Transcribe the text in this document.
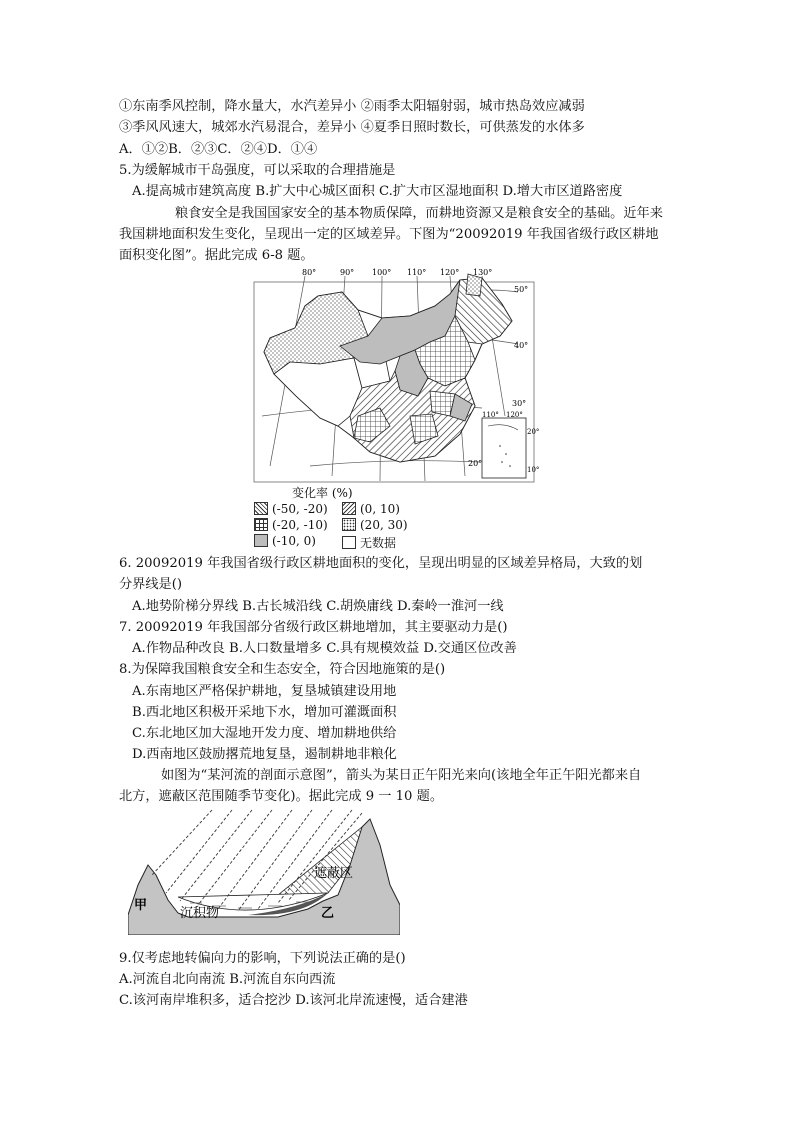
①东南季风控制，降水量大，水汽差异小 ②雨季太阳辐射弱，城市热岛效应减弱
③季风风速大，城郊水汽易混合，差异小 ④夏季日照时数长，可供蒸发的水体多
A．①②B．②③C．②④D．①④
5.为缓解城市干岛强度，可以采取的合理措施是
A.提高城市建筑高度 B.扩大中心城区面积 C.扩大市区湿地面积 D.增大市区道路密度
粮食安全是我国国家安全的基本物质保障，而耕地资源又是粮食安全的基础。近年来
我国耕地面积发生变化，呈现出一定的区域差异。下图为“20092019 年我国省级行政区耕地
面积变化图”。据此完成 6-8 题。
110° 120°
20°
10°
80°	90° 100° 110° 120° 130°
50°
40°
30°
20°
变化率 (%)
(-50, -20)	(0, 10)
(-20, -10)	(20, 30)
(-10, 0)	无数据
6. 20092019 年我国省级行政区耕地面积的变化，呈现出明显的区域差异格局，大致的划
分界线是()
A.地势阶梯分界线 B.古长城沿线 C.胡焕庸线 D.秦岭一淮河一线
7. 20092019 年我国部分省级行政区耕地增加，其主要驱动力是()
A.作物品种改良 B.人口数量增多 C.具有规模效益 D.交通区位改善
8.为保障我国粮食安全和生态安全，符合因地施策的是()
A.东南地区严格保护耕地，复垦城镇建设用地
B.西北地区积极开采地下水，增加可灌溉面积
C.东北地区加大湿地开发力度、增加耕地供给
D.西南地区鼓励撂荒地复垦，遏制耕地非粮化
如图为“某河流的剖面示意图”，箭头为某日正午阳光来向(该地全年正午阳光都来自
北方，遮蔽区范围随季节变化)。据此完成 9 一 10 题。
甲
乙
沉积物
遮蔽区
9.仅考虑地转偏向力的影响，下列说法正确的是()
A.河流自北向南流 B.河流自东向西流
C.该河南岸堆积多，适合挖沙 D.该河北岸流速慢，适合建港
